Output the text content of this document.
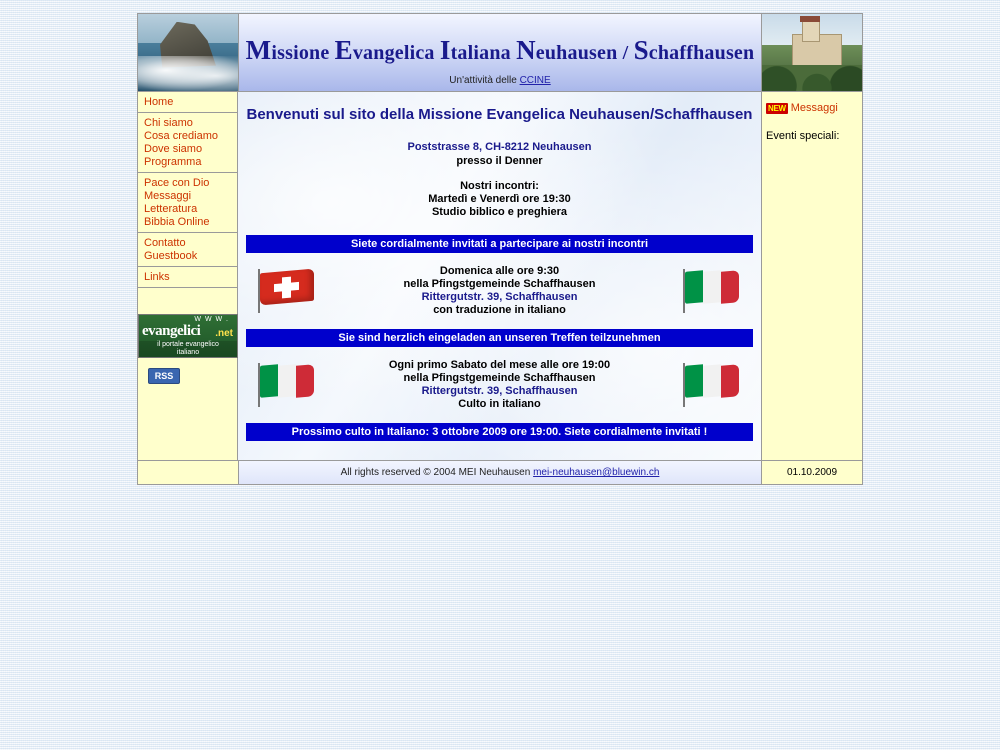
Missione Evangelica Italiana Neuhausen / Schaffhausen
Un'attività delle CCINE
Home
Chi siamo
Cosa crediamo
Dove siamo
Programma
Pace con Dio
Messaggi
Letteratura
Bibbia Online
Contatto
Guestbook
Links
W W W .
evangelici .net
il portale evangelico
italiano
RSS
Benvenuti sul sito della Missione Evangelica Neuhausen/Schaffhausen
Poststrasse 8, CH-8212 Neuhausen
presso il Denner
Nostri incontri:
Martedì e Venerdì ore 19:30
Studio biblico e preghiera
Siete cordialmente invitati a partecipare ai nostri incontri
Domenica alle ore 9:30
nella Pfingstgemeinde Schaffhausen
Rittergutstr. 39, Schaffhausen
con traduzione in italiano
Sie sind herzlich eingeladen an unseren Treffen teilzunehmen
Ogni primo Sabato del mese alle ore 19:00
nella Pfingstgemeinde Schaffhausen
Rittergutstr. 39, Schaffhausen
Culto in italiano
Prossimo culto in Italiano: 3 ottobre 2009 ore 19:00. Siete cordialmente invitati !
NEW Messaggi
Eventi speciali:
All rights reserved © 2004 MEI Neuhausen mei-neuhausen@bluewin.ch	01.10.2009
